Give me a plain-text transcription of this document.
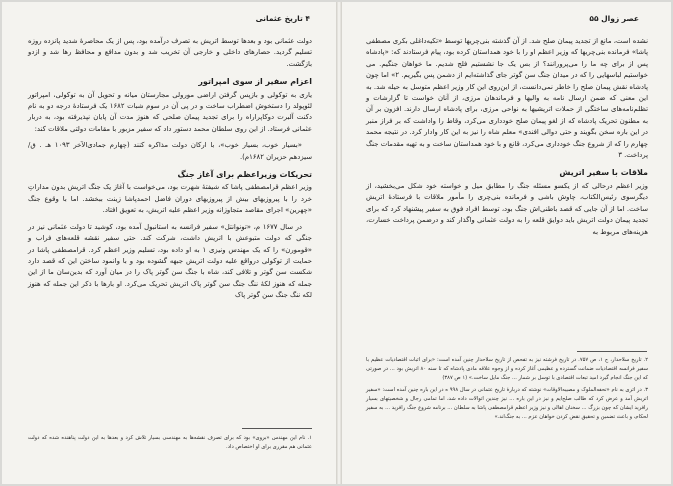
۴ تاریخ عثمانی

دولت عثمانی بود و بعدها توسط اتریش به تصرف درآمده بود، پس از یک محاصرهٔ شدید پانزده روزه تسلیم گردید. حصارهای داخلی و خارجی آن تخریب شد و بدون مدافع و محافظ رها شد و ازدو بازگشت.

اعزام سفیر از سوی امپراتور

یاری به توکولی و بازپس گرفتن اراضی مورولی مجارستان میانه و تحویل آن به توکولی، امپراتور لئوپولد را دستخوش اضطراب ساخت و در پی آن در سوم شبات ۱۶۸۲ یک فرستادهٔ درجه دو به نام دکنت آلبرت دوکاپراراه را برای تجدید پیمان صلحی که هنوز مدت آن پایان نپذیرفته بود، به دربار عثمانی فرستاد. از این روی سلطان محمد دستور داد که سفیر مزبور با مقامات دولتی ملاقات کند:

«بسیار خوب، بسیار خوب»، با ارکان دولت مذاکره کنند (چهارم جمادی‌الآخر ۱۰۹۳ هـ . ق/ سیزدهم حزیران ۱۶۸۲م).

تحریکات وزیراعظم برای آغاز جنگ

وزیر اعظم قرامصطفی پاشا که شیفتهٔ شهرت بود، می‌خواست با آغاز یک جنگ اتریش بدون مداراتِ خرد را با پیروزیهای بیش از پیروزیهای دوران فاضل احمدپاشا زینت ببخشد. اما با وقوع جنگ «چهرین» اجرای مقاصد متجاوزانه وزیر اعظم علیه اتریش، به تعویق افتاد.

در سال ۱۶۷۷ م، «تونوانتل» سفیر فرانسه به استانبول آمده بود، کوشید تا دولت عثمانی نیز در جنگی که دولت متبوعش با اتریش داشت، شرکت کند. حتی سفیر نقشه قلعه‌های فراب و «قومورن» را که یک مهندس ونیزی ۱ به او داده بود، تسلیم وزیر اعظم کرد. قرامصطفی پاشا در حمایت از توکولی درواقع علیه دولت اتریش جبهه گشوده بود و با وانمود ساختن این که قصد دارد شکست سن گوتر و تلافی کند، شاه با جنگ سن گوتر پاک را در میان آورد که بدین‌سان ما از این جمله که هنوز لکهٔ ننگ جنگ سن گوتر پاک اتریش تحریک می‌کرد. او بارها با ذکر این جمله که هنوز لکه ننگ جنگ سن گوتر پاک

۱. نام این مهندس «بروی» بود که برای تصرف نقشه‌ها به مهندسی بسیار تلاش کرد و بعدها به این دولت پناهنده شده که دولت عثمانی هم مقرری برای او اختصاص داد.
عصر زوال ۵۵

نشده است، مانع از تجدید پیمان صلح شد. از آن گذشته بنی‌چریها توسط «تکیه‌داغلی بکری مصطفی پاشا» فرمانده بنی‌چریها که وزیر اعظم او را با خود همداستان کرده بود، پیام فرستادند که: «پادشاه پس از برای چه ما را می‌پرورانند؟ از بس یک جا نشستیم فلج شدیم. ما خواهان جنگیم. می خواستیم لباسهایی را که در میدان جنگ سن گوتر جای گذاشته‌ایم از دشمن پس بگیریم. ۲» اما چون پادشاه نقش پیمان صلح را خاطر نمی‌دانست، از این‌روی این کار وزیر اعظم متوسل به حیله شد. به این معنی که ضمن ارسال نامه به والیها و فرماندهان مرزی، از آنان خواست تا گزارشات و تظلم‌نامه‌های ساختگی از حملات اتریشیها به نواحی مرزی، برای پادشاه ارسال دارند. افزون بر آن به مطنون تحریک پادشاه که از لغو پیمان صلح خودداری می‌کرد، وقاط را واداشت که بر فراز منبر در این باره سخن بگویند و حتی دوالی افندی» معلم شاه را نیز به این کار وادار کرد. در نتیجه محمد چهارم را که از شروع جنگ خودداری می‌کرد، قانع و با خود همداستان ساخت و به تهیه مقدمات جنگ پرداخت. ۳

ملاقات با سفیر اتریش

وزیر اعظم درحالی که از یکسو مسئله جنگ را مطابق میل و خواسته خود شکل می‌بخشید، از دیگرسوی رئیس‌الکتاب، چاوش باشی و فرمانده بنی‌چری را مأمور ملاقات با فرستادهٔ اتریش ساخت. اما از آن جایی که قصد باطنی‌اش جنگ بود، توسط افراد فوق به سفیر پیشنهاد کرد که برای تجدید پیمان دولت اتریش باید دوایق قلعه را به دولت عثمانی واگذار کند و درضمن پرداخت خسارت، هزینه‌های مربوط به

۲. تاریخ سلاحدار، ج ۱، ص ۷۵۷. در تاریخ فرشته نیز به تفحص از تاریخ سلاحدار چنین آمده است: «برای اثبات اقتصادیات عظیم با سفیر فرانسه اقتصادیات ضمانت گسترده و عظیمی آغاز کرده و از وجوه علاقه مادی پادشاه که تا سنه ۸۰ اتریش بود ... در صورتی که این جنگ انجام گیرد امید تبعات اقتصادی با توسل بر شمار ... جنگ مایل ساخت.» (۱ ص ۳۸۷)
۳. در اثری به نام «تحفه‌الملوک و مصیبه‌الاوقات» نوشته که دربارهٔ تاریخ عثمانی در سال ۹۹۸ ه در این باره چنین آمده است: «سفیر اتریش آمد و عرض کرد که طالب صلح‌ایم و نیز در این باره ... نیز چندین اتوالات داده شد، اما تمامی رجال و شخصیتهای بسیار رافرید ایشان که چون بزرگ ... سخنان اهالی و نیز وزیر اعظم قرامصطفی پاشا به سلطان ... برنامه شروع جنگ رافرید ... به سفیر لحکام، و باعث تضمین و تحقیق نقض کردن خواهان عزم ... به جنگ‌اند.»
